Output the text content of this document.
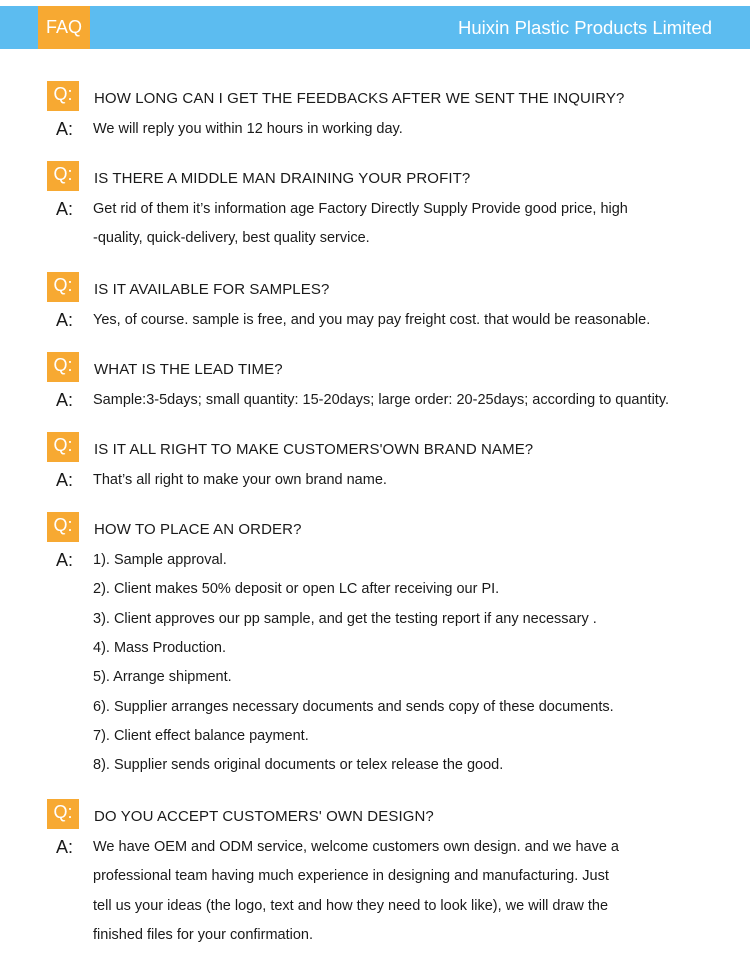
FAQ	Huixin Plastic Products Limited
Q:	HOW LONG CAN I GET THE FEEDBACKS AFTER WE SENT THE INQUIRY?
A: We will reply you within 12 hours in working day.
Q:	IS THERE A MIDDLE MAN DRAINING YOUR PROFIT?
A: Get rid of them it’s information age Factory Directly Supply Provide good price, high
-quality, quick-delivery, best quality service.
Q:	IS IT AVAILABLE FOR SAMPLES?
A: Yes, of course. sample is free, and you may pay freight cost. that would be reasonable.
Q:	WHAT IS THE LEAD TIME?
A: Sample:3-5days; small quantity: 15-20days; large order: 20-25days; according to quantity.
Q:	IS IT ALL RIGHT TO MAKE CUSTOMERS'OWN BRAND NAME?
A: That’s all right to make your own brand name.
Q:	HOW TO PLACE AN ORDER?
A: 1). Sample approval.
2). Client makes 50% deposit or open LC after receiving our PI.
3). Client approves our pp sample, and get the testing report if any necessary .
4). Mass Production.
5). Arrange shipment.
6). Supplier arranges necessary documents and sends copy of these documents.
7). Client effect balance payment.
8). Supplier sends original documents or telex release the good.
Q:	DO YOU ACCEPT CUSTOMERS' OWN DESIGN?
A: We have OEM and ODM service, welcome customers own design. and we have a
professional team having much experience in designing and manufacturing. Just
tell us your ideas (the logo, text and how they need to look like), we will draw the
finished files for your confirmation.
